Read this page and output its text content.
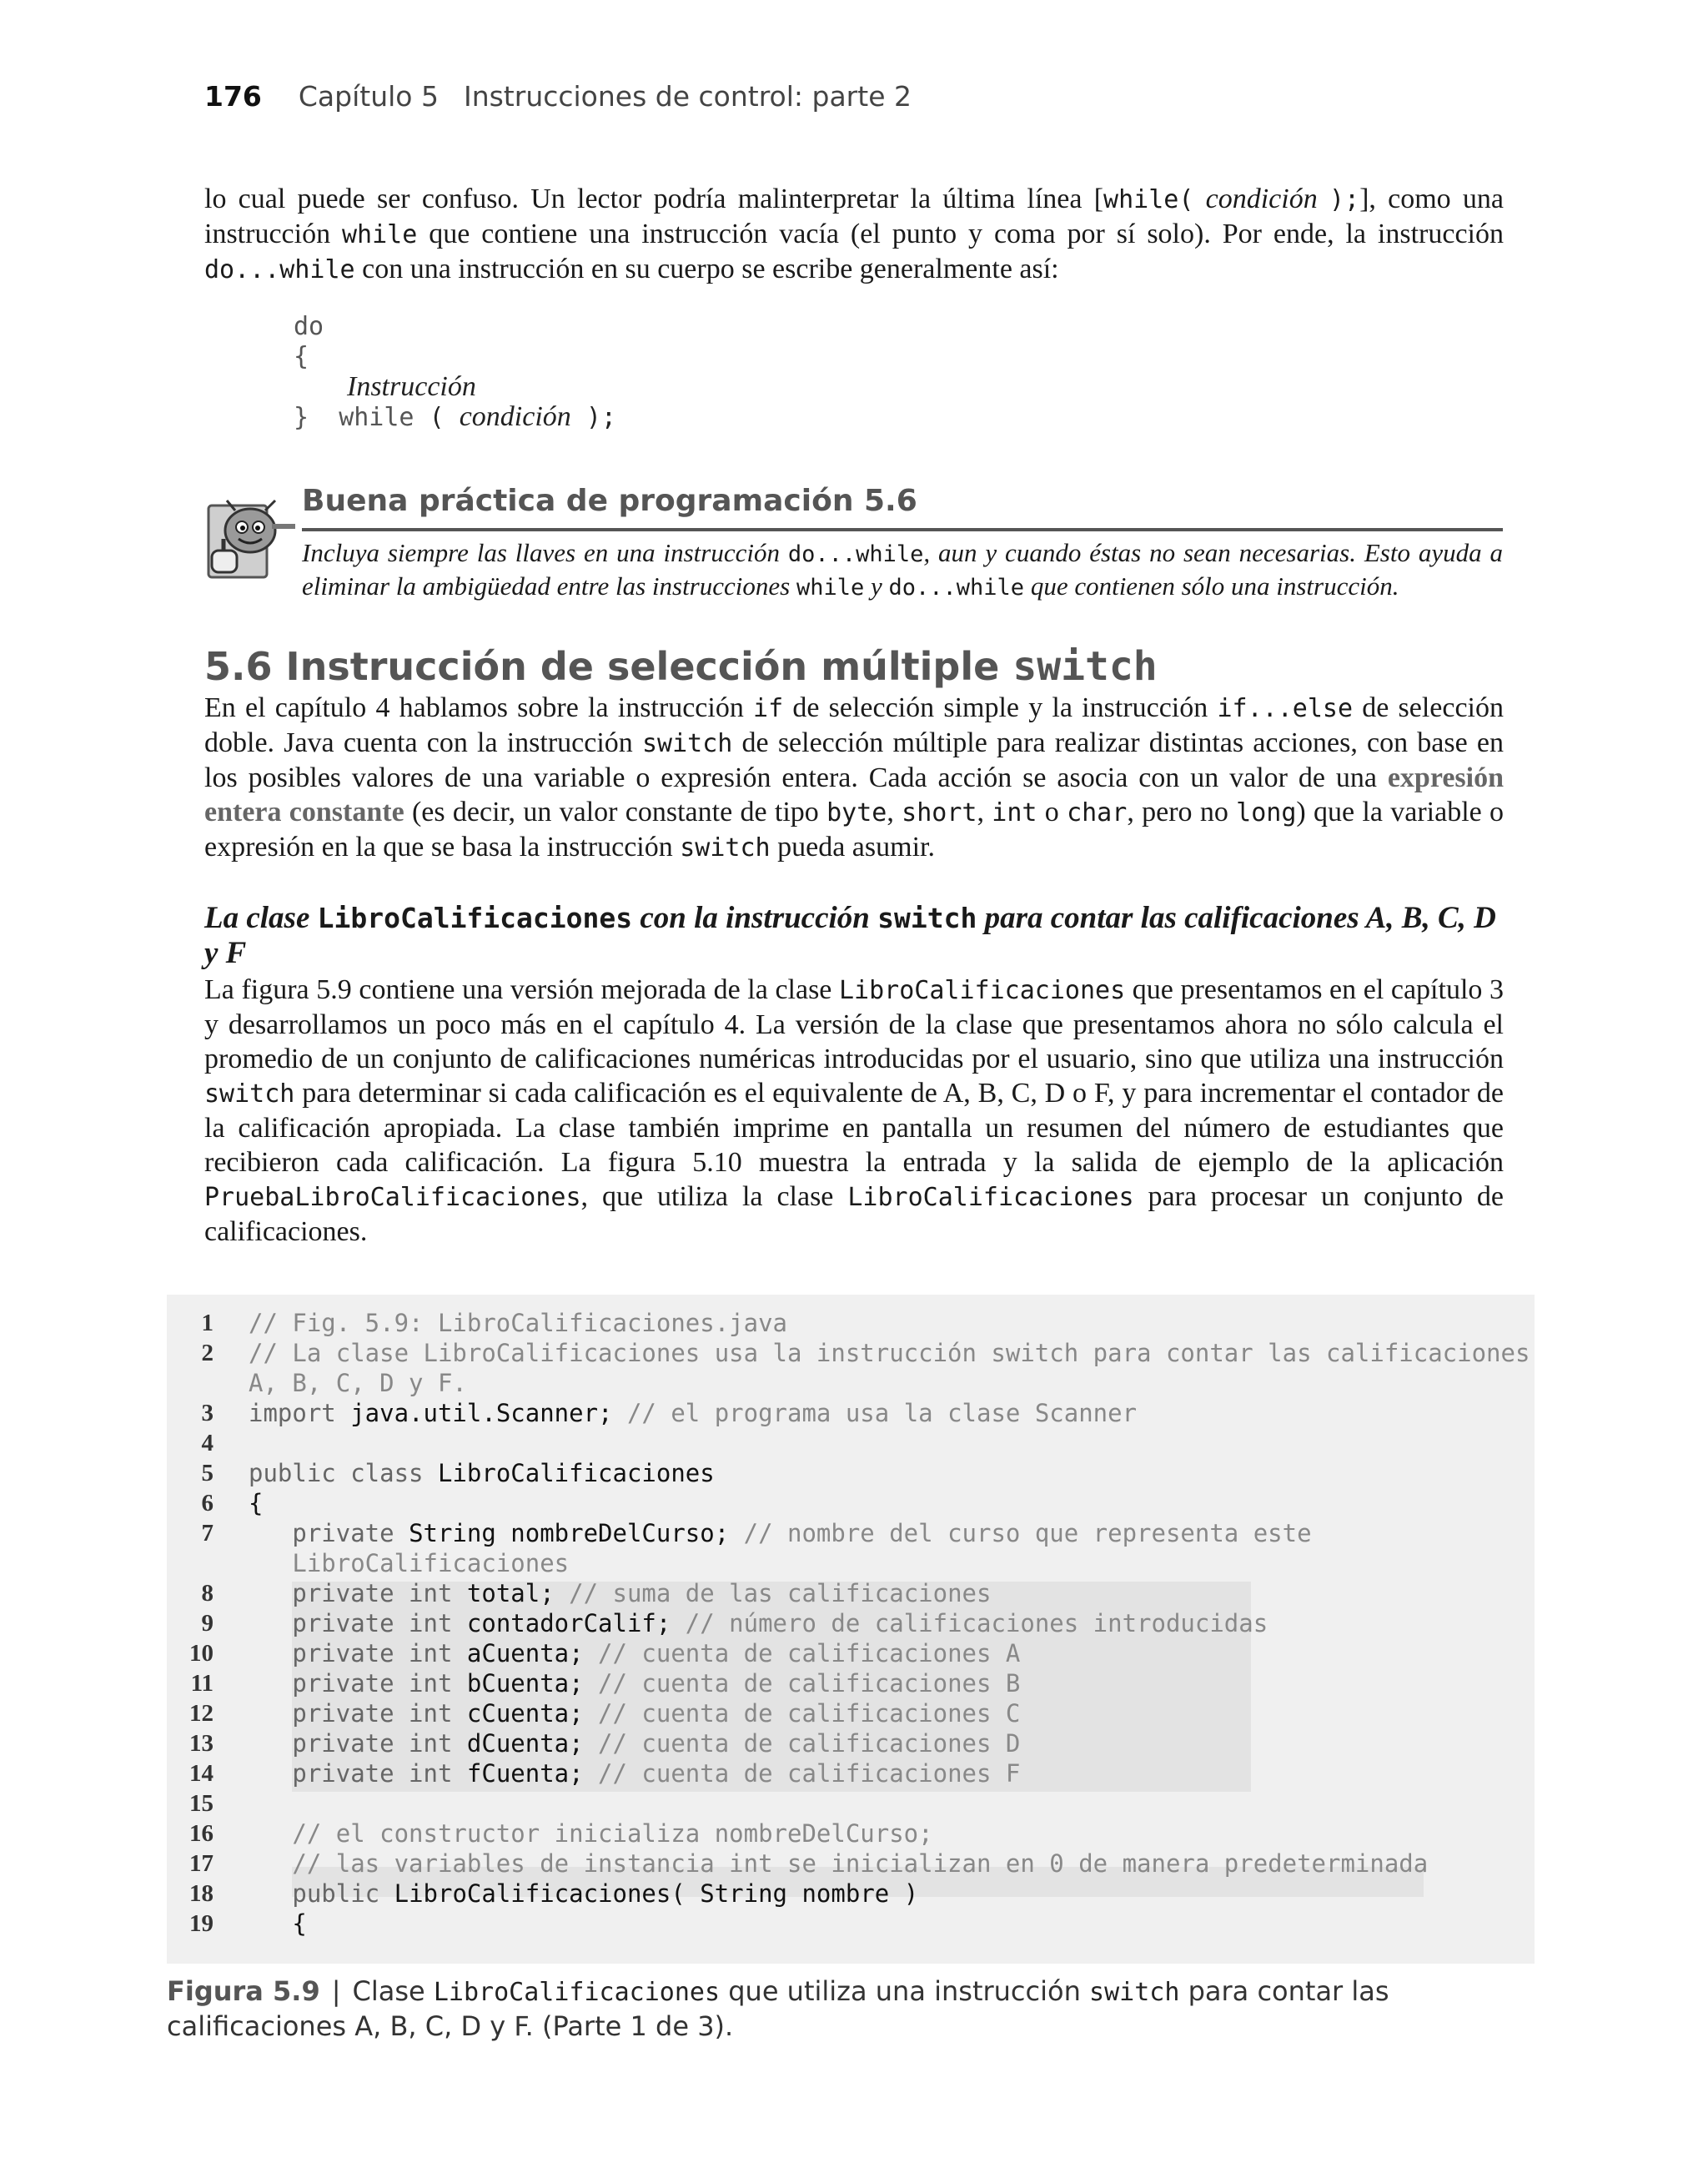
176 Capítulo 5 Instrucciones de control: parte 2
lo cual puede ser confuso. Un lector podría malinterpretar la última línea [while( condición );], como una instrucción while que contiene una instrucción vacía (el punto y coma por sí solo). Por ende, la instrucción do...while con una instrucción en su cuerpo se escribe generalmente así:
do
{
Instrucción
} while ( condición );
Buena práctica de programación 5.6
Incluya siempre las llaves en una instrucción do...while, aun y cuando éstas no sean necesarias. Esto ayuda a eliminar la ambigüedad entre las instrucciones while y do...while que contienen sólo una instrucción.
5.6 Instrucción de selección múltiple switch
En el capítulo 4 hablamos sobre la instrucción if de selección simple y la instrucción if...else de selección doble. Java cuenta con la instrucción switch de selección múltiple para realizar distintas acciones, con base en los posibles valores de una variable o expresión entera. Cada acción se asocia con un valor de una expresión entera constante (es decir, un valor constante de tipo byte, short, int o char, pero no long) que la variable o expresión en la que se basa la instrucción switch pueda asumir.
La clase LibroCalificaciones con la instrucción switch para contar las calificaciones A, B, C, D y F
La figura 5.9 contiene una versión mejorada de la clase LibroCalificaciones que presentamos en el capítulo 3 y desarrollamos un poco más en el capítulo 4. La versión de la clase que presentamos ahora no sólo calcula el promedio de un conjunto de calificaciones numéricas introducidas por el usuario, sino que utiliza una instrucción switch para determinar si cada calificación es el equivalente de A, B, C, D o F, y para incrementar el contador de la calificación apropiada. La clase también imprime en pantalla un resumen del número de estudiantes que recibieron cada calificación. La figura 5.10 muestra la entrada y la salida de ejemplo de la aplicación PruebaLibroCalificaciones, que utiliza la clase LibroCalificaciones para procesar un conjunto de calificaciones.
1 // Fig. 5.9: LibroCalificaciones.java
2 // La clase LibroCalificaciones usa la instrucción switch para contar las calificaciones
A, B, C, D y F.
3 import java.util.Scanner; // el programa usa la clase Scanner
4
5 public class LibroCalificaciones
6 {
7 private String nombreDelCurso; // nombre del curso que representa este
LibroCalificaciones
8 private int total; // suma de las calificaciones
9 private int contadorCalif; // número de calificaciones introducidas
10 private int aCuenta; // cuenta de calificaciones A
11 private int bCuenta; // cuenta de calificaciones B
12 private int cCuenta; // cuenta de calificaciones C
13 private int dCuenta; // cuenta de calificaciones D
14 private int fCuenta; // cuenta de calificaciones F
15
16 // el constructor inicializa nombreDelCurso;
17 // las variables de instancia int se inicializan en 0 de manera predeterminada
18 public LibroCalificaciones( String nombre )
19 {
Figura 5.9 | Clase LibroCalificaciones que utiliza una instrucción switch para contar las calificaciones A, B, C, D y F. (Parte 1 de 3).
